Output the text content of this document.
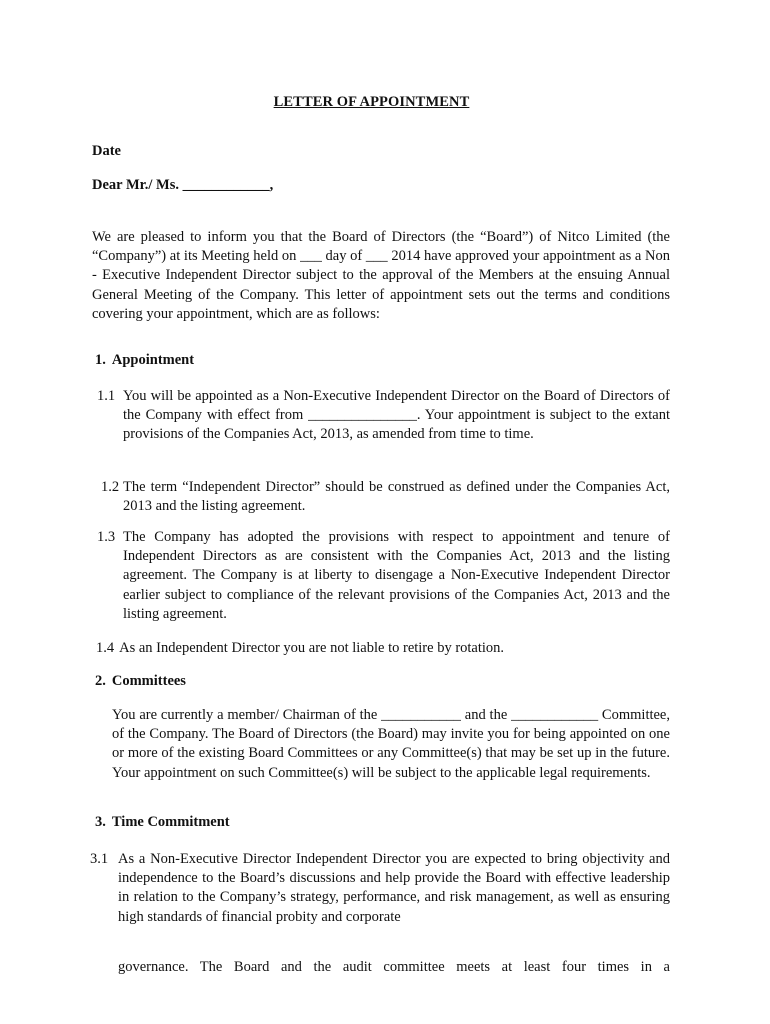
LETTER OF APPOINTMENT
Date
Dear Mr./ Ms. ____________,

We are pleased to inform you that the Board of Directors (the “Board”) of Nitco Limited (the “Company”) at its Meeting held on ___ day of ___ 2014 have approved your appointment as a Non - Executive Independent Director subject to the approval of the Members at the ensuing Annual General Meeting of the Company. This letter of appointment sets out the terms and conditions covering your appointment, which are as follows:

1. Appointment
1.1 You will be appointed as a Non-Executive Independent Director on the Board of Directors of the Company with effect from _______________. Your appointment is subject to the extant provisions of the Companies Act, 2013, as amended from time to time.

1.2 The term “Independent Director” should be construed as defined under the Companies Act, 2013 and the listing agreement.

1.3 The Company has adopted the provisions with respect to appointment and tenure of Independent Directors as are consistent with the Companies Act, 2013 and the listing agreement. The Company is at liberty to disengage a Non-Executive Independent Director earlier subject to compliance of the relevant provisions of the Companies Act, 2013 and the listing agreement.

1.4 As an Independent Director you are not liable to retire by rotation.
2. Committees

You are currently a member/ Chairman of the ___________ and the ____________ Committee, of the Company. The Board of Directors (the Board) may invite you for being appointed on one or more of the existing Board Committees or any Committee(s) that may be set up in the future. Your appointment on such Committee(s) will be subject to the applicable legal requirements.

3. Time Commitment
3.1 As a Non-Executive Director Independent Director you are expected to bring objectivity and independence to the Board’s discussions and help provide the Board with effective leadership in relation to the Company’s strategy, performance, and risk management, as well as ensuring high standards of financial probity and corporate

governance. The Board and the audit committee meets at least four times in a
